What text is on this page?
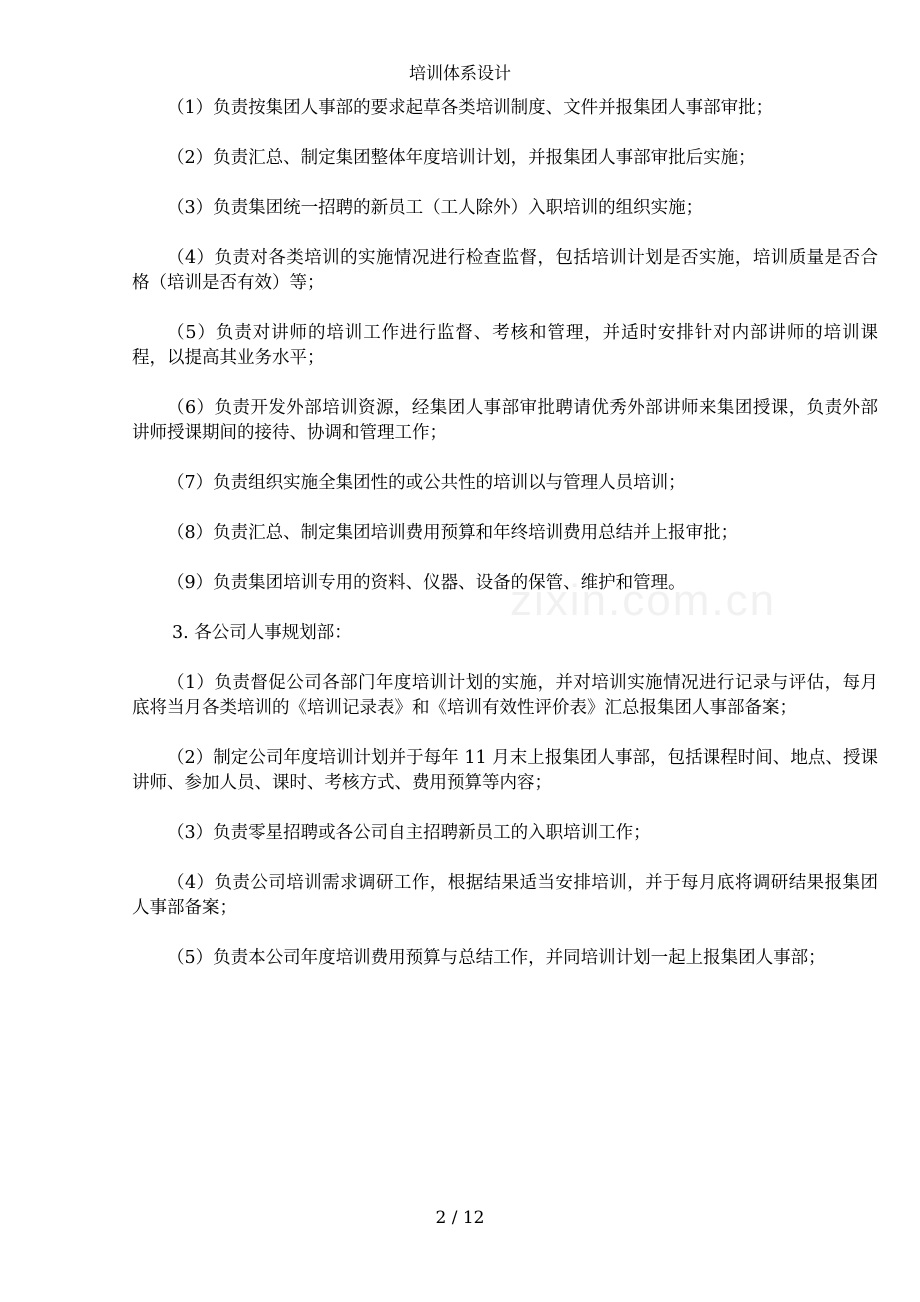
培训体系设计
zixin.com.cn

（1）负责按集团人事部的要求起草各类培训制度、文件并报集团人事部审批；

（2）负责汇总、制定集团整体年度培训计划，并报集团人事部审批后实施；

（3）负责集团统一招聘的新员工（工人除外）入职培训的组织实施；

（4）负责对各类培训的实施情况进行检查监督，包括培训计划是否实施，培训质量是否合格（培训是否有效）等；

（5）负责对讲师的培训工作进行监督、考核和管理，并适时安排针对内部讲师的培训课程，以提高其业务水平；

（6）负责开发外部培训资源，经集团人事部审批聘请优秀外部讲师来集团授课，负责外部讲师授课期间的接待、协调和管理工作；

（7）负责组织实施全集团性的或公共性的培训以与管理人员培训；

（8）负责汇总、制定集团培训费用预算和年终培训费用总结并上报审批；

（9）负责集团培训专用的资料、仪器、设备的保管、维护和管理。

3. 各公司人事规划部：

（1）负责督促公司各部门年度培训计划的实施，并对培训实施情况进行记录与评估，每月底将当月各类培训的《培训记录表》和《培训有效性评价表》汇总报集团人事部备案；

（2）制定公司年度培训计划并于每年 11 月末上报集团人事部，包括课程时间、地点、授课讲师、参加人员、课时、考核方式、费用预算等内容；

（3）负责零星招聘或各公司自主招聘新员工的入职培训工作；

（4）负责公司培训需求调研工作，根据结果适当安排培训，并于每月底将调研结果报集团人事部备案；

（5）负责本公司年度培训费用预算与总结工作，并同培训计划一起上报集团人事部；

2 / 12
